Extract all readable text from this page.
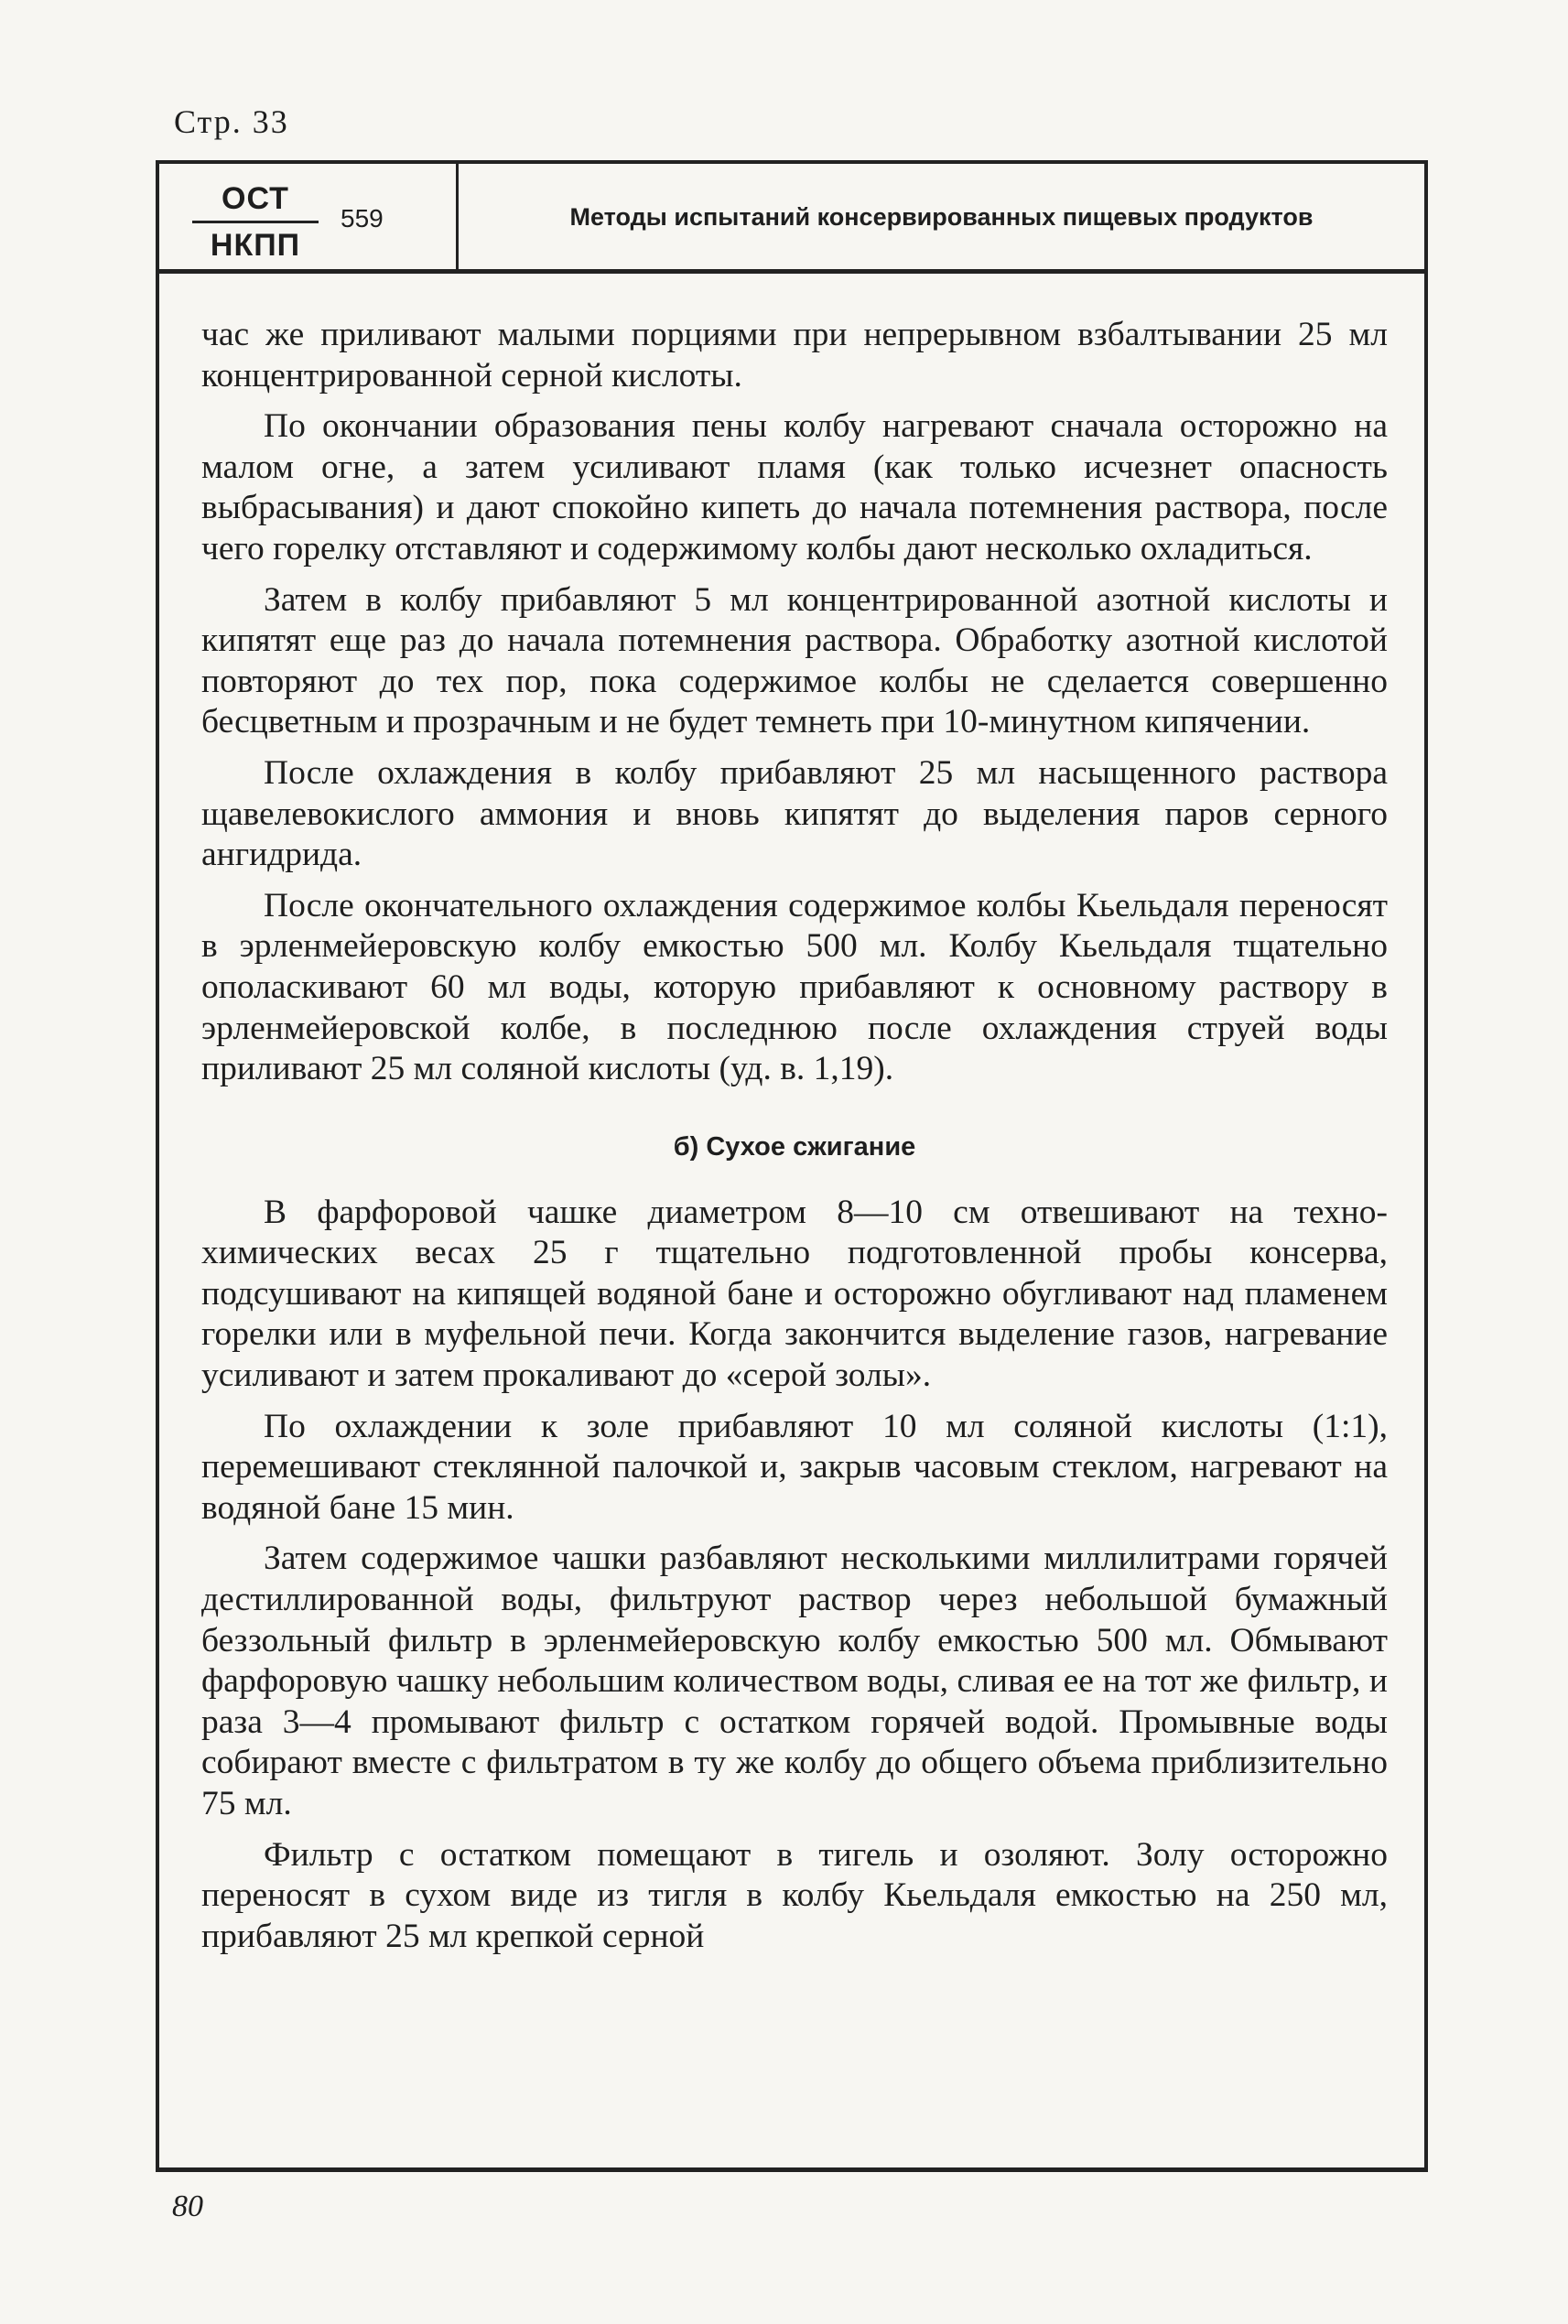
Стр. 33
ОСТ
НКПП
559	Методы испытаний консервированных пищевых продуктов

час же приливают малыми порциями при непрерывном взбалтывании 25 мл концентрированной серной кислоты.

По окончании образования пены колбу нагревают сначала осторожно на малом огне, а затем усиливают пламя (как только исчезнет опасность выбрасывания) и дают спокойно кипеть до начала потемнения раствора, после чего горелку отставляют и содержимому колбы дают несколько охладиться.

Затем в колбу прибавляют 5 мл концентрированной азотной кислоты и кипятят еще раз до начала потемнения раствора. Обработку азотной кислотой повторяют до тех пор, пока содержимое колбы не сделается совершенно бесцветным и прозрачным и не будет темнеть при 10-минутном кипячении.

После охлаждения в колбу прибавляют 25 мл насыщенного раствора щавелевокислого аммония и вновь кипятят до выделения паров серного ангидрида.

После окончательного охлаждения содержимое колбы Кьельдаля переносят в эрленмейеровскую колбу емкостью 500 мл. Колбу Кьельдаля тщательно ополаскивают 60 мл воды, которую прибавляют к основному раствору в эрленмейеровской колбе, в последнюю после охлаждения струей воды приливают 25 мл соляной кислоты (уд. в. 1,19).

б) Сухое сжигание

В фарфоровой чашке диаметром 8—10 см отвешивают на техно-химических весах 25 г тщательно подготовленной пробы консерва, подсушивают на кипящей водяной бане и осторожно обугливают над пламенем горелки или в муфельной печи. Когда закончится выделение газов, нагревание усиливают и затем прокаливают до «серой золы».

По охлаждении к золе прибавляют 10 мл соляной кислоты (1:1), перемешивают стеклянной палочкой и, закрыв часовым стеклом, нагревают на водяной бане 15 мин.

Затем содержимое чашки разбавляют несколькими миллилитрами горячей дестиллированной воды, фильтруют раствор через небольшой бумажный беззольный фильтр в эрленмейеровскую колбу емкостью 500 мл. Обмывают фарфоровую чашку небольшим количеством воды, сливая ее на тот же фильтр, и раза 3—4 промывают фильтр с остатком горячей водой. Промывные воды собирают вместе с фильтратом в ту же колбу до общего объема приблизительно 75 мл.

Фильтр с остатком помещают в тигель и озоляют. Золу осторожно переносят в сухом виде из тигля в колбу Кьельдаля емкостью на 250 мл, прибавляют 25 мл крепкой серной

80
